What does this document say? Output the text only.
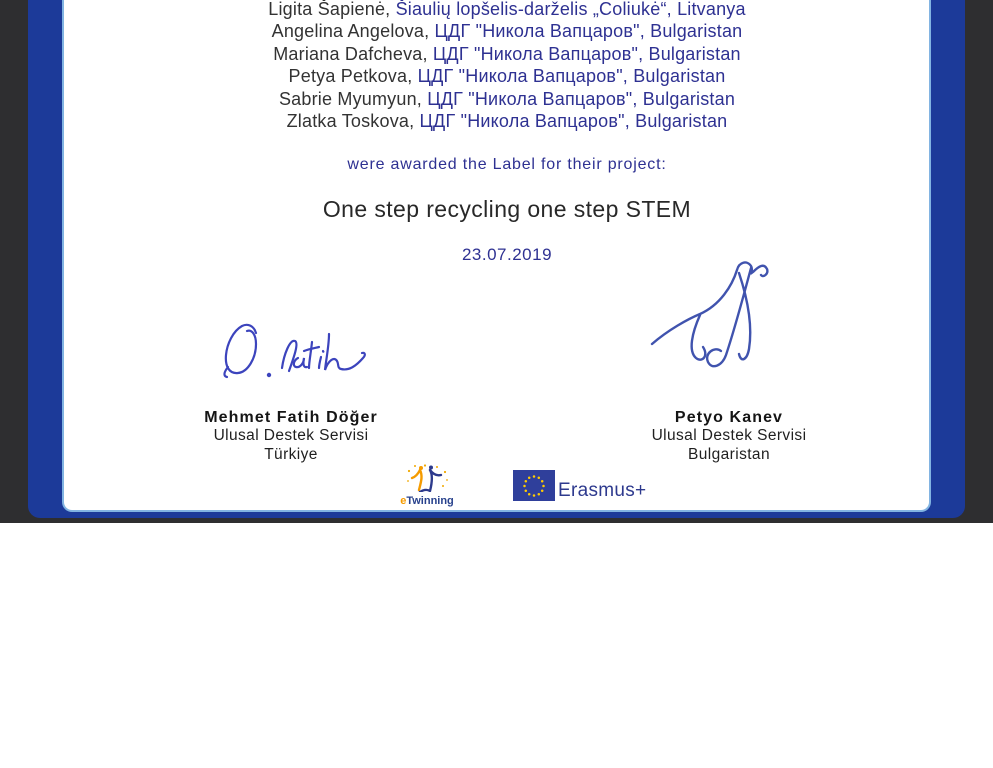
Ligita Šapienė, Šiaulių lopšelis-darželis „Coliukė“, Litvanya
Angelina Angelova, ЦДГ "Никола Вапцаров", Bulgaristan
Mariana Dafcheva, ЦДГ "Никола Вапцаров", Bulgaristan
Petya Petkova, ЦДГ "Никола Вапцаров", Bulgaristan
Sabrie Myumyun, ЦДГ "Никола Вапцаров", Bulgaristan
Zlatka Toskova, ЦДГ "Никола Вапцаров", Bulgaristan
were awarded the Label for their project:
One step recycling one step STEM
23.07.2019
Mehmet Fatih Döğer
Ulusal Destek Servisi
Türkiye
Petyo Kanev
Ulusal Destek Servisi
Bulgaristan
eTwinning	Erasmus+
